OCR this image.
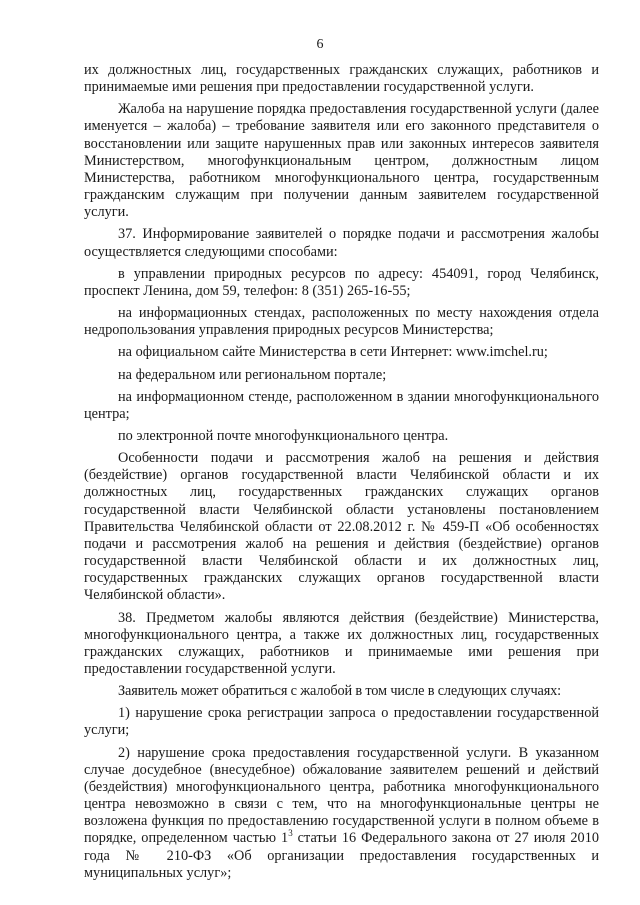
6

их должностных лиц, государственных гражданских служащих, работников и принимаемые ими решения при предоставлении государственной услуги.

Жалоба на нарушение порядка предоставления государственной услуги (далее именуется – жалоба) – требование заявителя или его законного представителя о восстановлении или защите нарушенных прав или законных интересов заявителя Министерством, многофункциональным центром, должностным лицом Министерства, работником многофункционального центра, государственным гражданским служащим при получении данным заявителем государственной услуги.

37. Информирование заявителей о порядке подачи и рассмотрения жалобы осуществляется следующими способами:

в управлении природных ресурсов по адресу: 454091, город Челябинск, проспект Ленина, дом 59, телефон: 8 (351) 265-16-55;

на информационных стендах, расположенных по месту нахождения отдела недропользования управления природных ресурсов Министерства;

на официальном сайте Министерства в сети Интернет: www.imchel.ru;

на федеральном или региональном портале;

на информационном стенде, расположенном в здании многофункционального центра;

по электронной почте многофункционального центра.

Особенности подачи и рассмотрения жалоб на решения и действия (бездействие) органов государственной власти Челябинской области и их должностных лиц, государственных гражданских служащих органов государственной власти Челябинской области установлены постановлением Правительства Челябинской области от 22.08.2012 г. № 459-П «Об особенностях подачи и рассмотрения жалоб на решения и действия (бездействие) органов государственной власти Челябинской области и их должностных лиц, государственных гражданских служащих органов государственной власти Челябинской области».

38. Предметом жалобы являются действия (бездействие) Министерства, многофункционального центра, а также их должностных лиц, государственных гражданских служащих, работников и принимаемые ими решения при предоставлении государственной услуги.

Заявитель может обратиться с жалобой в том числе в следующих случаях:

1) нарушение срока регистрации запроса о предоставлении государственной услуги;

2) нарушение срока предоставления государственной услуги. В указанном случае досудебное (внесудебное) обжалование заявителем решений и действий (бездействия) многофункционального центра, работника многофункционального центра невозможно в связи с тем, что на многофункциональные центры не возложена функция по предоставлению государственной услуги в полном объеме в порядке, определенном частью $1^3$ статьи 16 Федерального закона от 27 июля 2010 года № 210-ФЗ «Об организации предоставления государственных и муниципальных услуг»;
